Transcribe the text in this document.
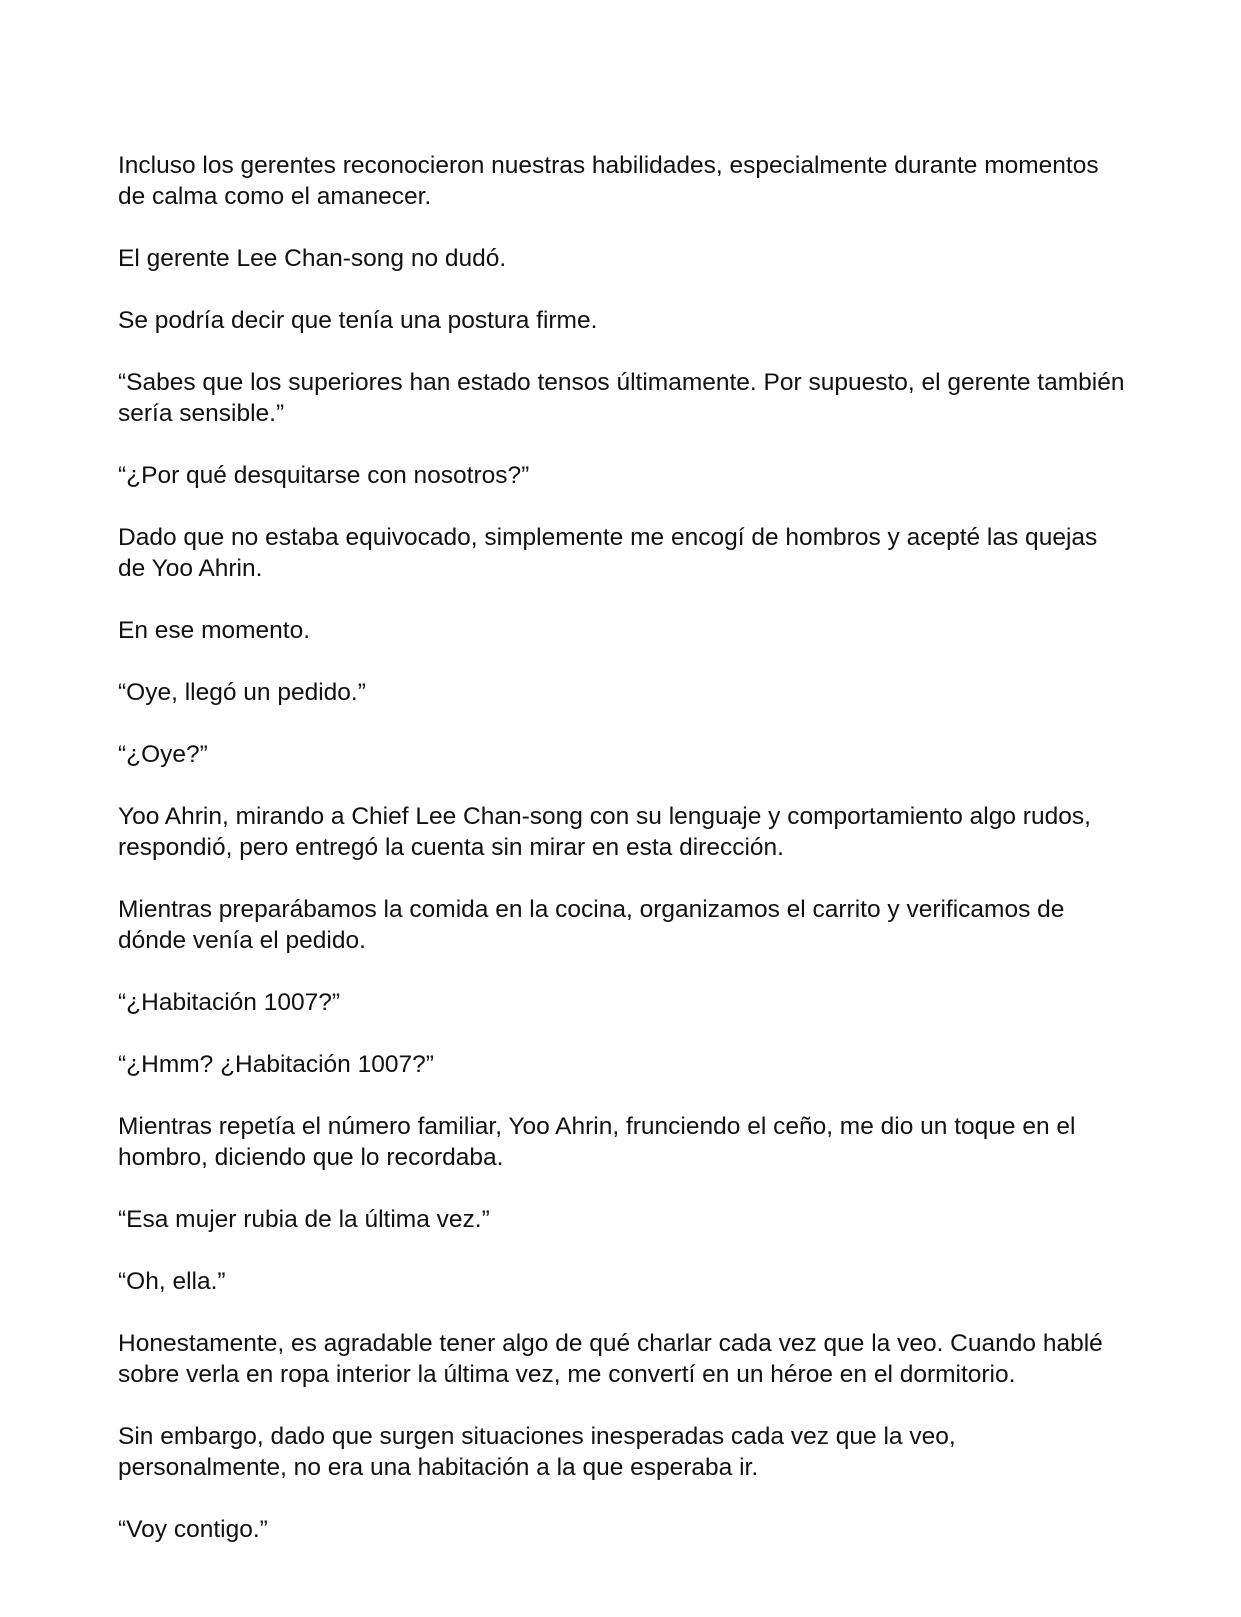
Incluso los gerentes reconocieron nuestras habilidades, especialmente durante momentos de calma como el amanecer.

El gerente Lee Chan-song no dudó.

Se podría decir que tenía una postura firme.

“Sabes que los superiores han estado tensos últimamente. Por supuesto, el gerente también sería sensible.”

“¿Por qué desquitarse con nosotros?”

Dado que no estaba equivocado, simplemente me encogí de hombros y acepté las quejas de Yoo Ahrin.

En ese momento.

“Oye, llegó un pedido.”

“¿Oye?”

Yoo Ahrin, mirando a Chief Lee Chan-song con su lenguaje y comportamiento algo rudos, respondió, pero entregó la cuenta sin mirar en esta dirección.

Mientras preparábamos la comida en la cocina, organizamos el carrito y verificamos de dónde venía el pedido.

“¿Habitación 1007?”

“¿Hmm? ¿Habitación 1007?”

Mientras repetía el número familiar, Yoo Ahrin, frunciendo el ceño, me dio un toque en el hombro, diciendo que lo recordaba.

“Esa mujer rubia de la última vez.”

“Oh, ella.”

Honestamente, es agradable tener algo de qué charlar cada vez que la veo. Cuando hablé sobre verla en ropa interior la última vez, me convertí en un héroe en el dormitorio.

Sin embargo, dado que surgen situaciones inesperadas cada vez que la veo, personalmente, no era una habitación a la que esperaba ir.

“Voy contigo.”
